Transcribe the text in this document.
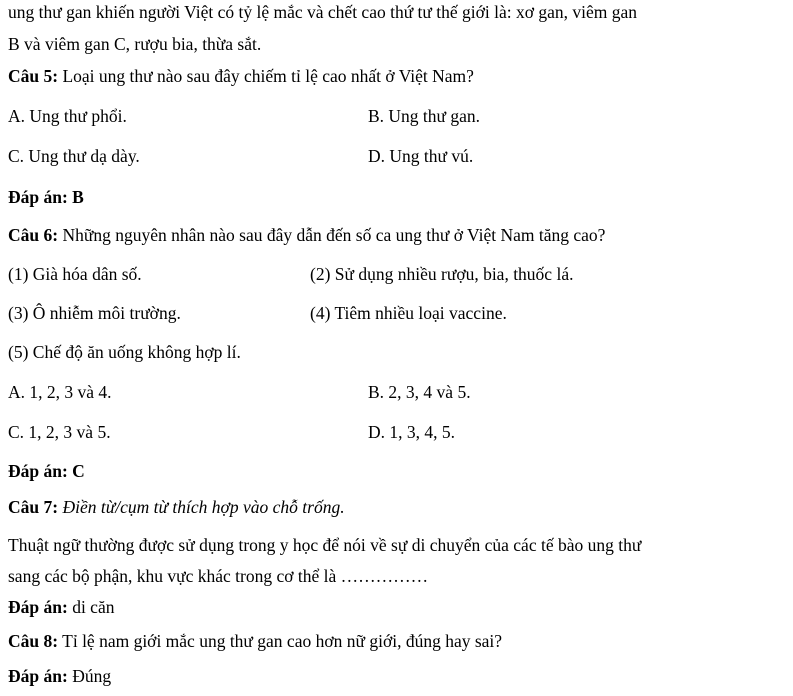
ung thư gan khiến người Việt có tỷ lệ mắc và chết cao thứ tư thế giới là: xơ gan, viêm gan
B và viêm gan C, rượu bia, thừa sắt.
Câu 5: Loại ung thư nào sau đây chiếm tỉ lệ cao nhất ở Việt Nam?
A. Ung thư phổi.	B. Ung thư gan.
C. Ung thư dạ dày.	D. Ung thư vú.
Đáp án: B
Câu 6: Những nguyên nhân nào sau đây dẫn đến số ca ung thư ở Việt Nam tăng cao?
(1) Già hóa dân số.	(2) Sử dụng nhiều rượu, bia, thuốc lá.
(3) Ô nhiễm môi trường.	(4) Tiêm nhiều loại vaccine.
(5) Chế độ ăn uống không hợp lí.
A. 1, 2, 3 và 4.	B. 2, 3, 4 và 5.
C. 1, 2, 3 và 5.	D. 1, 3, 4, 5.
Đáp án: C
Câu 7: Điền từ/cụm từ thích hợp vào chỗ trống.
Thuật ngữ thường được sử dụng trong y học để nói về sự di chuyển của các tế bào ung thư
sang các bộ phận, khu vực khác trong cơ thể là ……………
Đáp án: di căn
Câu 8: Tỉ lệ nam giới mắc ung thư gan cao hơn nữ giới, đúng hay sai?
Đáp án: Đúng
